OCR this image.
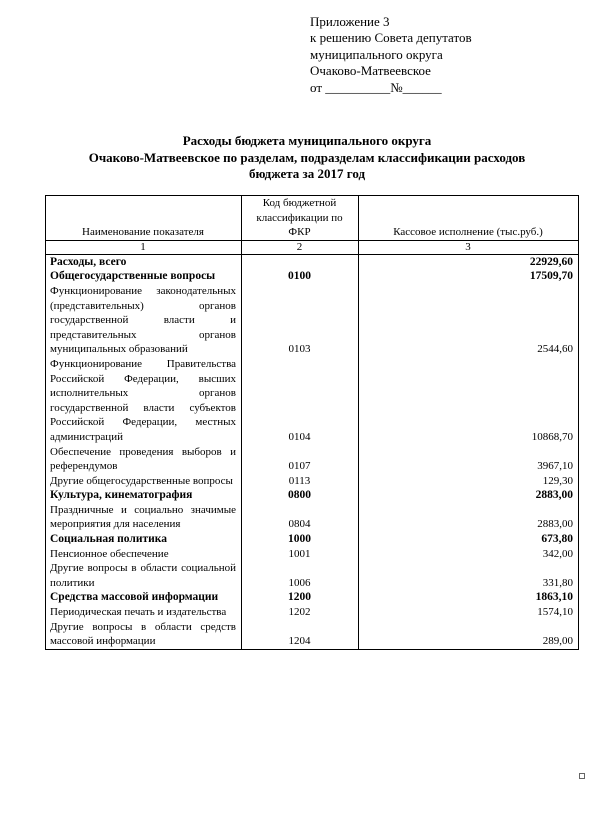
Приложение 3
к решению Совета депутатов
муниципального округа
Очаково-Матвеевское
от __________№______
Расходы бюджета муниципального округа
Очаково-Матвеевское по разделам, подразделам классификации расходов
бюджета за 2017 год
Наименование показателя	Код бюджетной классификации по ФКР	Кассовое исполнение (тыс.руб.)
1	2	3
Расходы, всего		22929,60
Общегосударственные вопросы	0100	17509,70
Функционирование законодательных (представительных) органов государственной власти и представительных органов муниципальных образований	0103	2544,60
Функционирование Правительства Российской Федерации, высших исполнительных органов государственной власти субъектов Российской Федерации, местных администраций	0104	10868,70
Обеспечение проведения выборов и референдумов	0107	3967,10
Другие общегосударственные вопросы	0113	129,30
Культура, кинематография	0800	2883,00
Праздничные и социально значимые мероприятия для населения	0804	2883,00
Социальная политика	1000	673,80
Пенсионное обеспечение	1001	342,00
Другие вопросы в области социальной политики	1006	331,80
Средства массовой информации	1200	1863,10
Периодическая печать и издательства	1202	1574,10
Другие вопросы в области средств массовой информации	1204	289,00
